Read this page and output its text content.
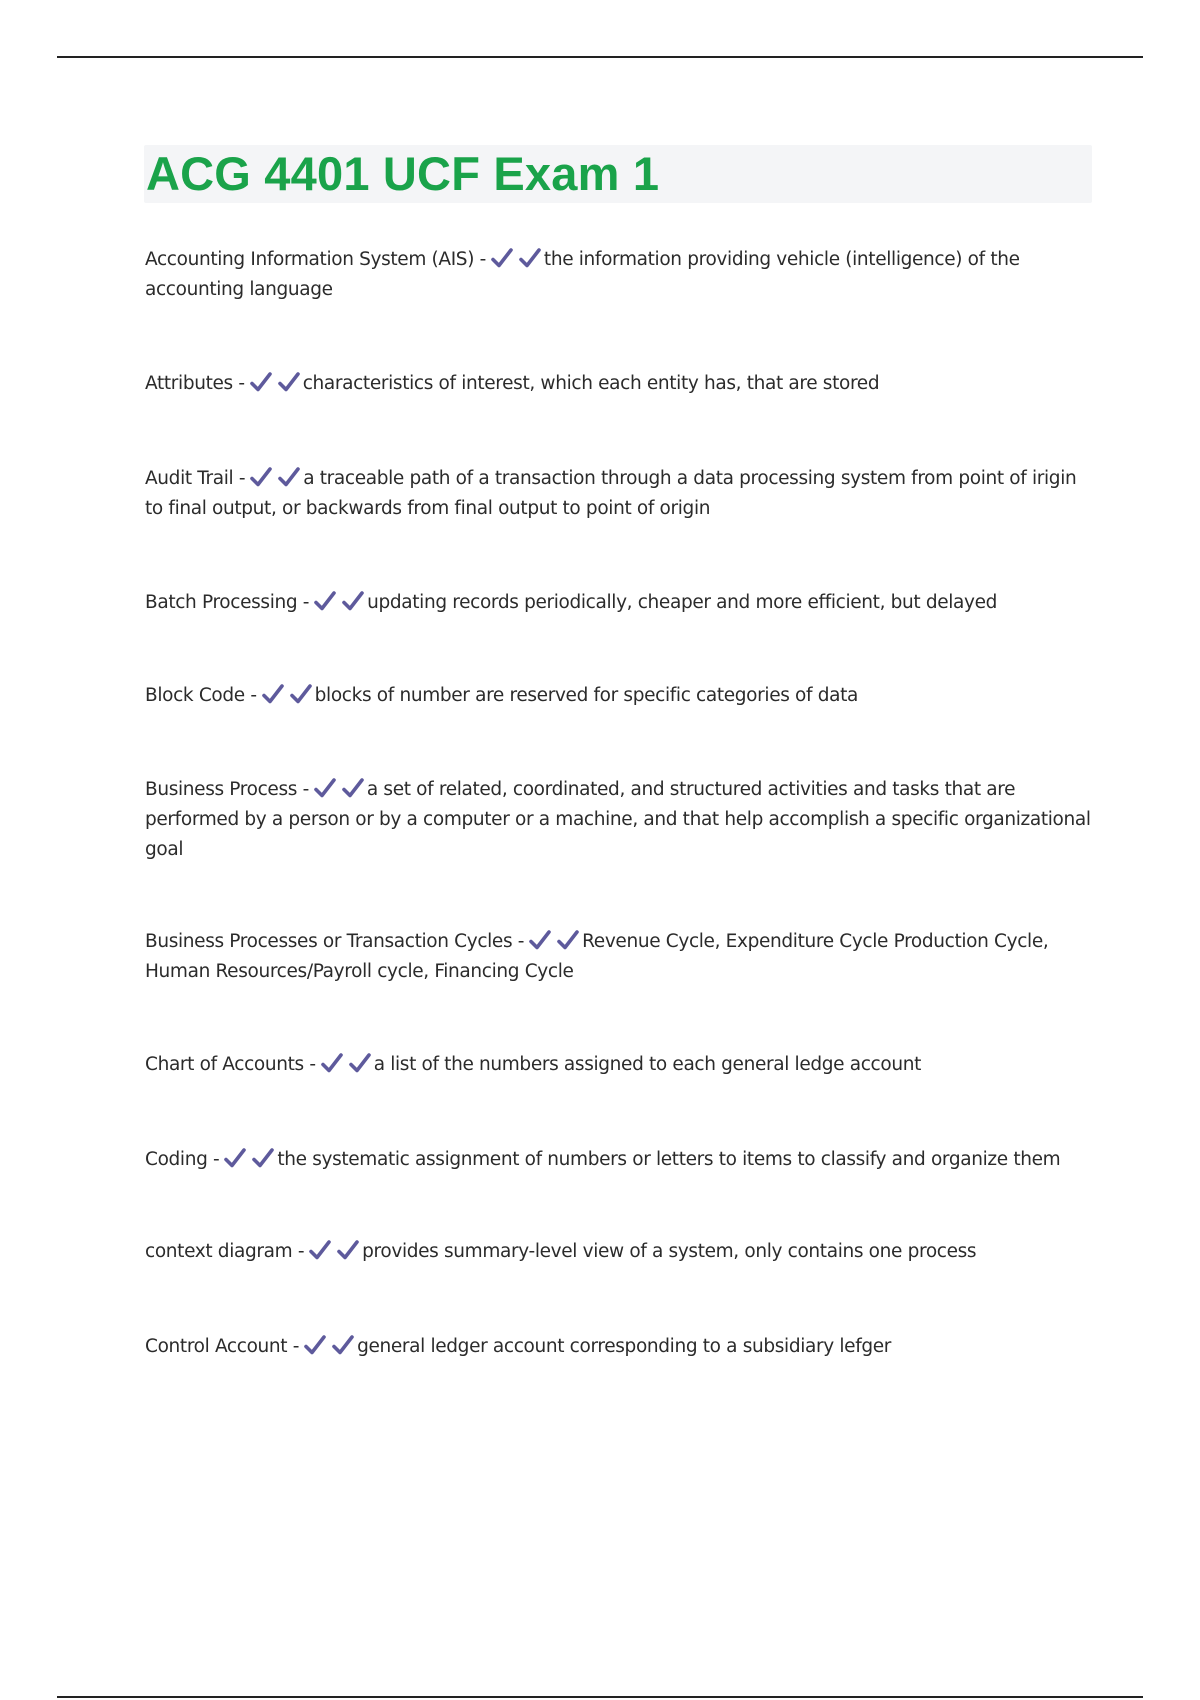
ACG 4401 UCF Exam 1
Accounting Information System (AIS) -	the information providing vehicle (intelligence) of the accounting language
Attributes -	characteristics of interest, which each entity has, that are stored
Audit Trail -	a traceable path of a transaction through a data processing system from point of irigin to final output, or backwards from final output to point of origin
Batch Processing -	updating records periodically, cheaper and more efficient, but delayed
Block Code -	blocks of number are reserved for specific categories of data
Business Process -	a set of related, coordinated, and structured activities and tasks that are performed by a person or by a computer or a machine, and that help accomplish a specific organizational goal
Business Processes or Transaction Cycles -	Revenue Cycle, Expenditure Cycle Production Cycle, Human Resources/Payroll cycle, Financing Cycle
Chart of Accounts -	a list of the numbers assigned to each general ledge account
Coding -	the systematic assignment of numbers or letters to items to classify and organize them
context diagram -	provides summary-level view of a system, only contains one process
Control Account -	general ledger account corresponding to a subsidiary lefger
